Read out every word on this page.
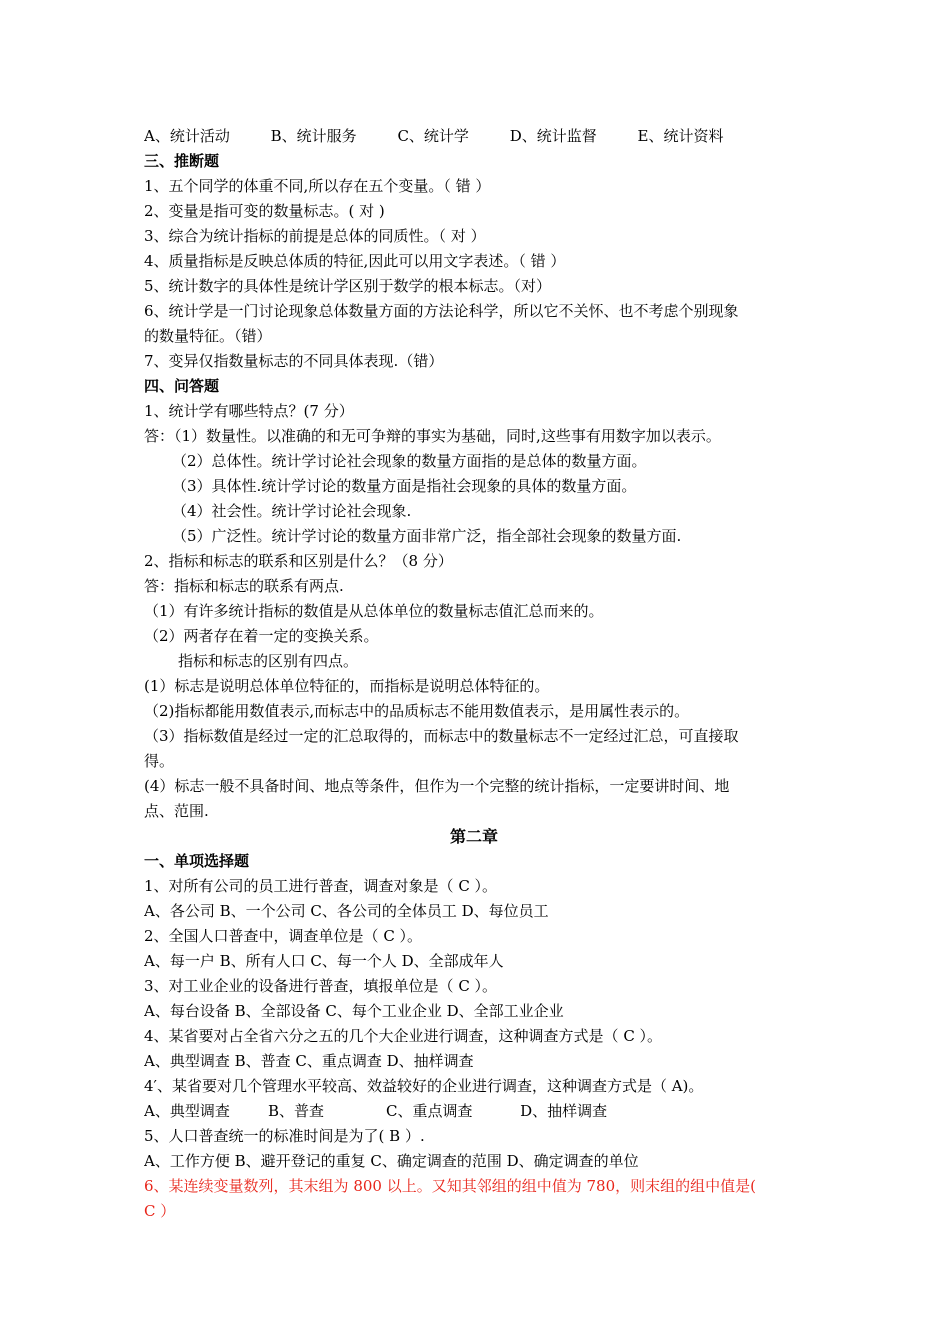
A、统计活动	B、统计服务	C、统计学	D、统计监督	E、统计资料
三、推断题
1、五个同学的体重不同,所以存在五个变量。（ 错 ）
2、变量是指可变的数量标志。( 对 )
3、综合为统计指标的前提是总体的同质性。（ 对 ）
4、质量指标是反映总体质的特征,因此可以用文字表述。（ 错 ）
5、统计数字的具体性是统计学区别于数学的根本标志。（对）
6、统计学是一门讨论现象总体数量方面的方法论科学，所以它不关怀、也不考虑个别现象
的数量特征。（错）
7、变异仅指数量标志的不同具体表现.（错）
四、问答题
1、统计学有哪些特点？(7 分）
答：（1）数量性。以准确的和无可争辩的事实为基础，同时,这些事有用数字加以表示。
（2）总体性。统计学讨论社会现象的数量方面指的是总体的数量方面。
（3）具体性.统计学讨论的数量方面是指社会现象的具体的数量方面。
（4）社会性。统计学讨论社会现象.
（5）广泛性。统计学讨论的数量方面非常广泛，指全部社会现象的数量方面.
2、指标和标志的联系和区别是什么？（8 分）
答：指标和标志的联系有两点.
（1）有许多统计指标的数值是从总体单位的数量标志值汇总而来的。
（2）两者存在着一定的变换关系。
指标和标志的区别有四点。
(1）标志是说明总体单位特征的，而指标是说明总体特征的。
（2)指标都能用数值表示,而标志中的品质标志不能用数值表示，是用属性表示的。
（3）指标数值是经过一定的汇总取得的，而标志中的数量标志不一定经过汇总，可直接取
得。
(4）标志一般不具备时间、地点等条件，但作为一个完整的统计指标，一定要讲时间、地
点、范围.
第二章
一、单项选择题
1、对所有公司的员工进行普查，调查对象是（ C ）。
A、各公司 B、一个公司 C、各公司的全体员工 D、每位员工
2、全国人口普查中，调查单位是（ C ）。
A、每一户 B、所有人口 C、每一个人 D、全部成年人
3、对工业企业的设备进行普查，填报单位是（ C ）。
A、每台设备 B、全部设备 C、每个工业企业 D、全部工业企业
4、某省要对占全省六分之五的几个大企业进行调查，这种调查方式是（ C ）。
A、典型调查 B、普查 C、重点调查 D、抽样调查
4′、某省要对几个管理水平较高、效益较好的企业进行调查，这种调查方式是（ A)。
A、典型调查        B、普查             C、重点调查          D、抽样调查
5、人口普查统一的标准时间是为了( B ）.
A、工作方便 B、避开登记的重复 C、确定调查的范围 D、确定调查的单位
6、某连续变量数列，其末组为 800 以上。又知其邻组的组中值为 780，则末组的组中值是(
C ）
